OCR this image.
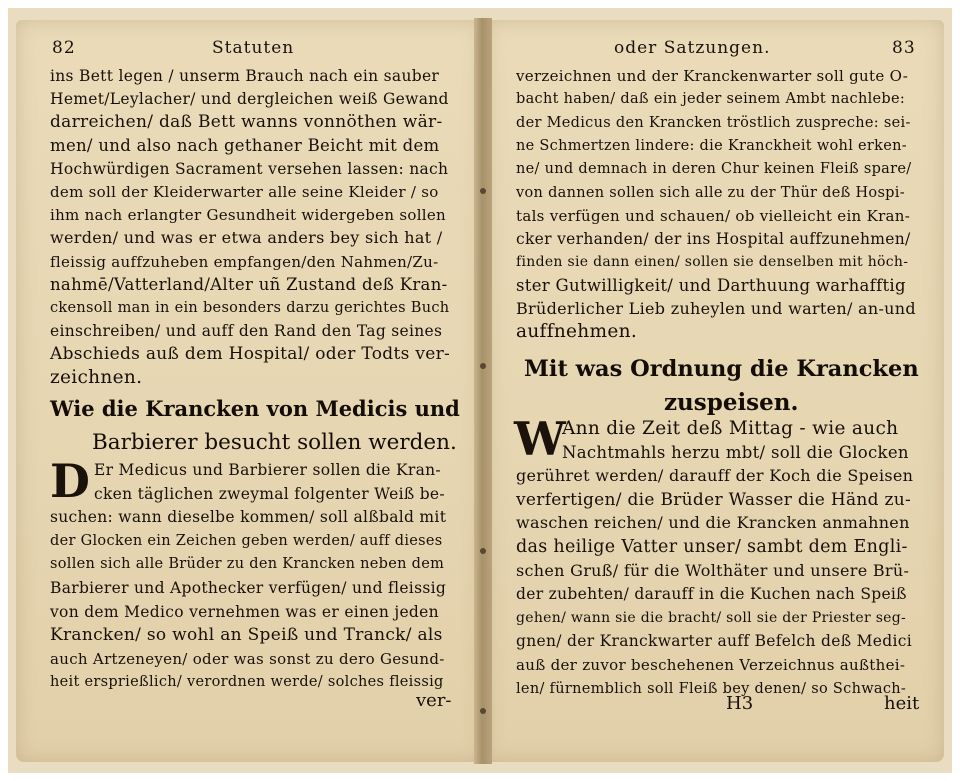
82	Statuten
ins Bett legen / unserm Brauch nach ein sauber
Hemet/Leylacher/ und dergleichen weiß Gewand
darreichen/ daß Bett wanns vonnöthen wär-
men/ und also nach gethaner Beicht mit dem
Hochwürdigen Sacrament versehen lassen: nach
dem soll der Kleiderwarter alle seine Kleider / so
ihm nach erlangter Gesundheit widergeben sollen
werden/ und was er etwa anders bey sich hat /
fleissig auffzuheben empfangen/den Nahmen/Zu-
nahmē/Vatterland/Alter uñ Zustand deß Kran-
ckensoll man in ein besonders darzu gerichtes Buch
einschreiben/ und auff den Rand den Tag seines
Abschieds auß dem Hospital/ oder Todts ver-
zeichnen.
Wie die Krancken von Medicis und
Barbierer besucht sollen werden.
D Er Medicus und Barbierer sollen die Kran-
cken täglichen zweymal folgenter Weiß be-
suchen: wann dieselbe kommen/ soll alßbald mit
der Glocken ein Zeichen geben werden/ auff dieses
sollen sich alle Brüder zu den Krancken neben dem
Barbierer und Apothecker verfügen/ und fleissig
von dem Medico vernehmen was er einen jeden
Krancken/ so wohl an Speiß und Tranck/ als
auch Artzeneyen/ oder was sonst zu dero Gesund-
heit ersprießlich/ verordnen werde/ solches fleissig
ver-
oder Satzungen.	83
verzeichnen und der Kranckenwarter soll gute O-
bacht haben/ daß ein jeder seinem Ambt nachlebe:
der Medicus den Krancken tröstlich zuspreche: sei-
ne Schmertzen lindere: die Kranckheit wohl erken-
ne/ und demnach in deren Chur keinen Fleiß spare/
von dannen sollen sich alle zu der Thür deß Hospi-
tals verfügen und schauen/ ob vielleicht ein Kran-
cker verhanden/ der ins Hospital auffzunehmen/
finden sie dann einen/ sollen sie denselben mit höch-
ster Gutwilligkeit/ und Darthuung warhafftig
Brüderlicher Lieb zuheylen und warten/ an-und
auffnehmen.
Mit was Ordnung die Krancken
zuspeisen.
W
Ann die Zeit deß Mittag - wie auch
Nachtmahls herzu mbt/ soll die Glocken
gerühret werden/ darauff der Koch die Speisen
verfertigen/ die Brüder Wasser die Händ zu-
waschen reichen/ und die Krancken anmahnen
das heilige Vatter unser/ sambt dem Engli-
schen Gruß/ für die Wolthäter und unsere Brü-
der zubehten/ darauff in die Kuchen nach Speiß
gehen/ wann sie die bracht/ soll sie der Priester seg-
gnen/ der Kranckwarter auff Befelch deß Medici
auß der zuvor beschehenen Verzeichnus außthei-
len/ fürnemblich soll Fleiß bey denen/ so Schwach-
H3	heit
